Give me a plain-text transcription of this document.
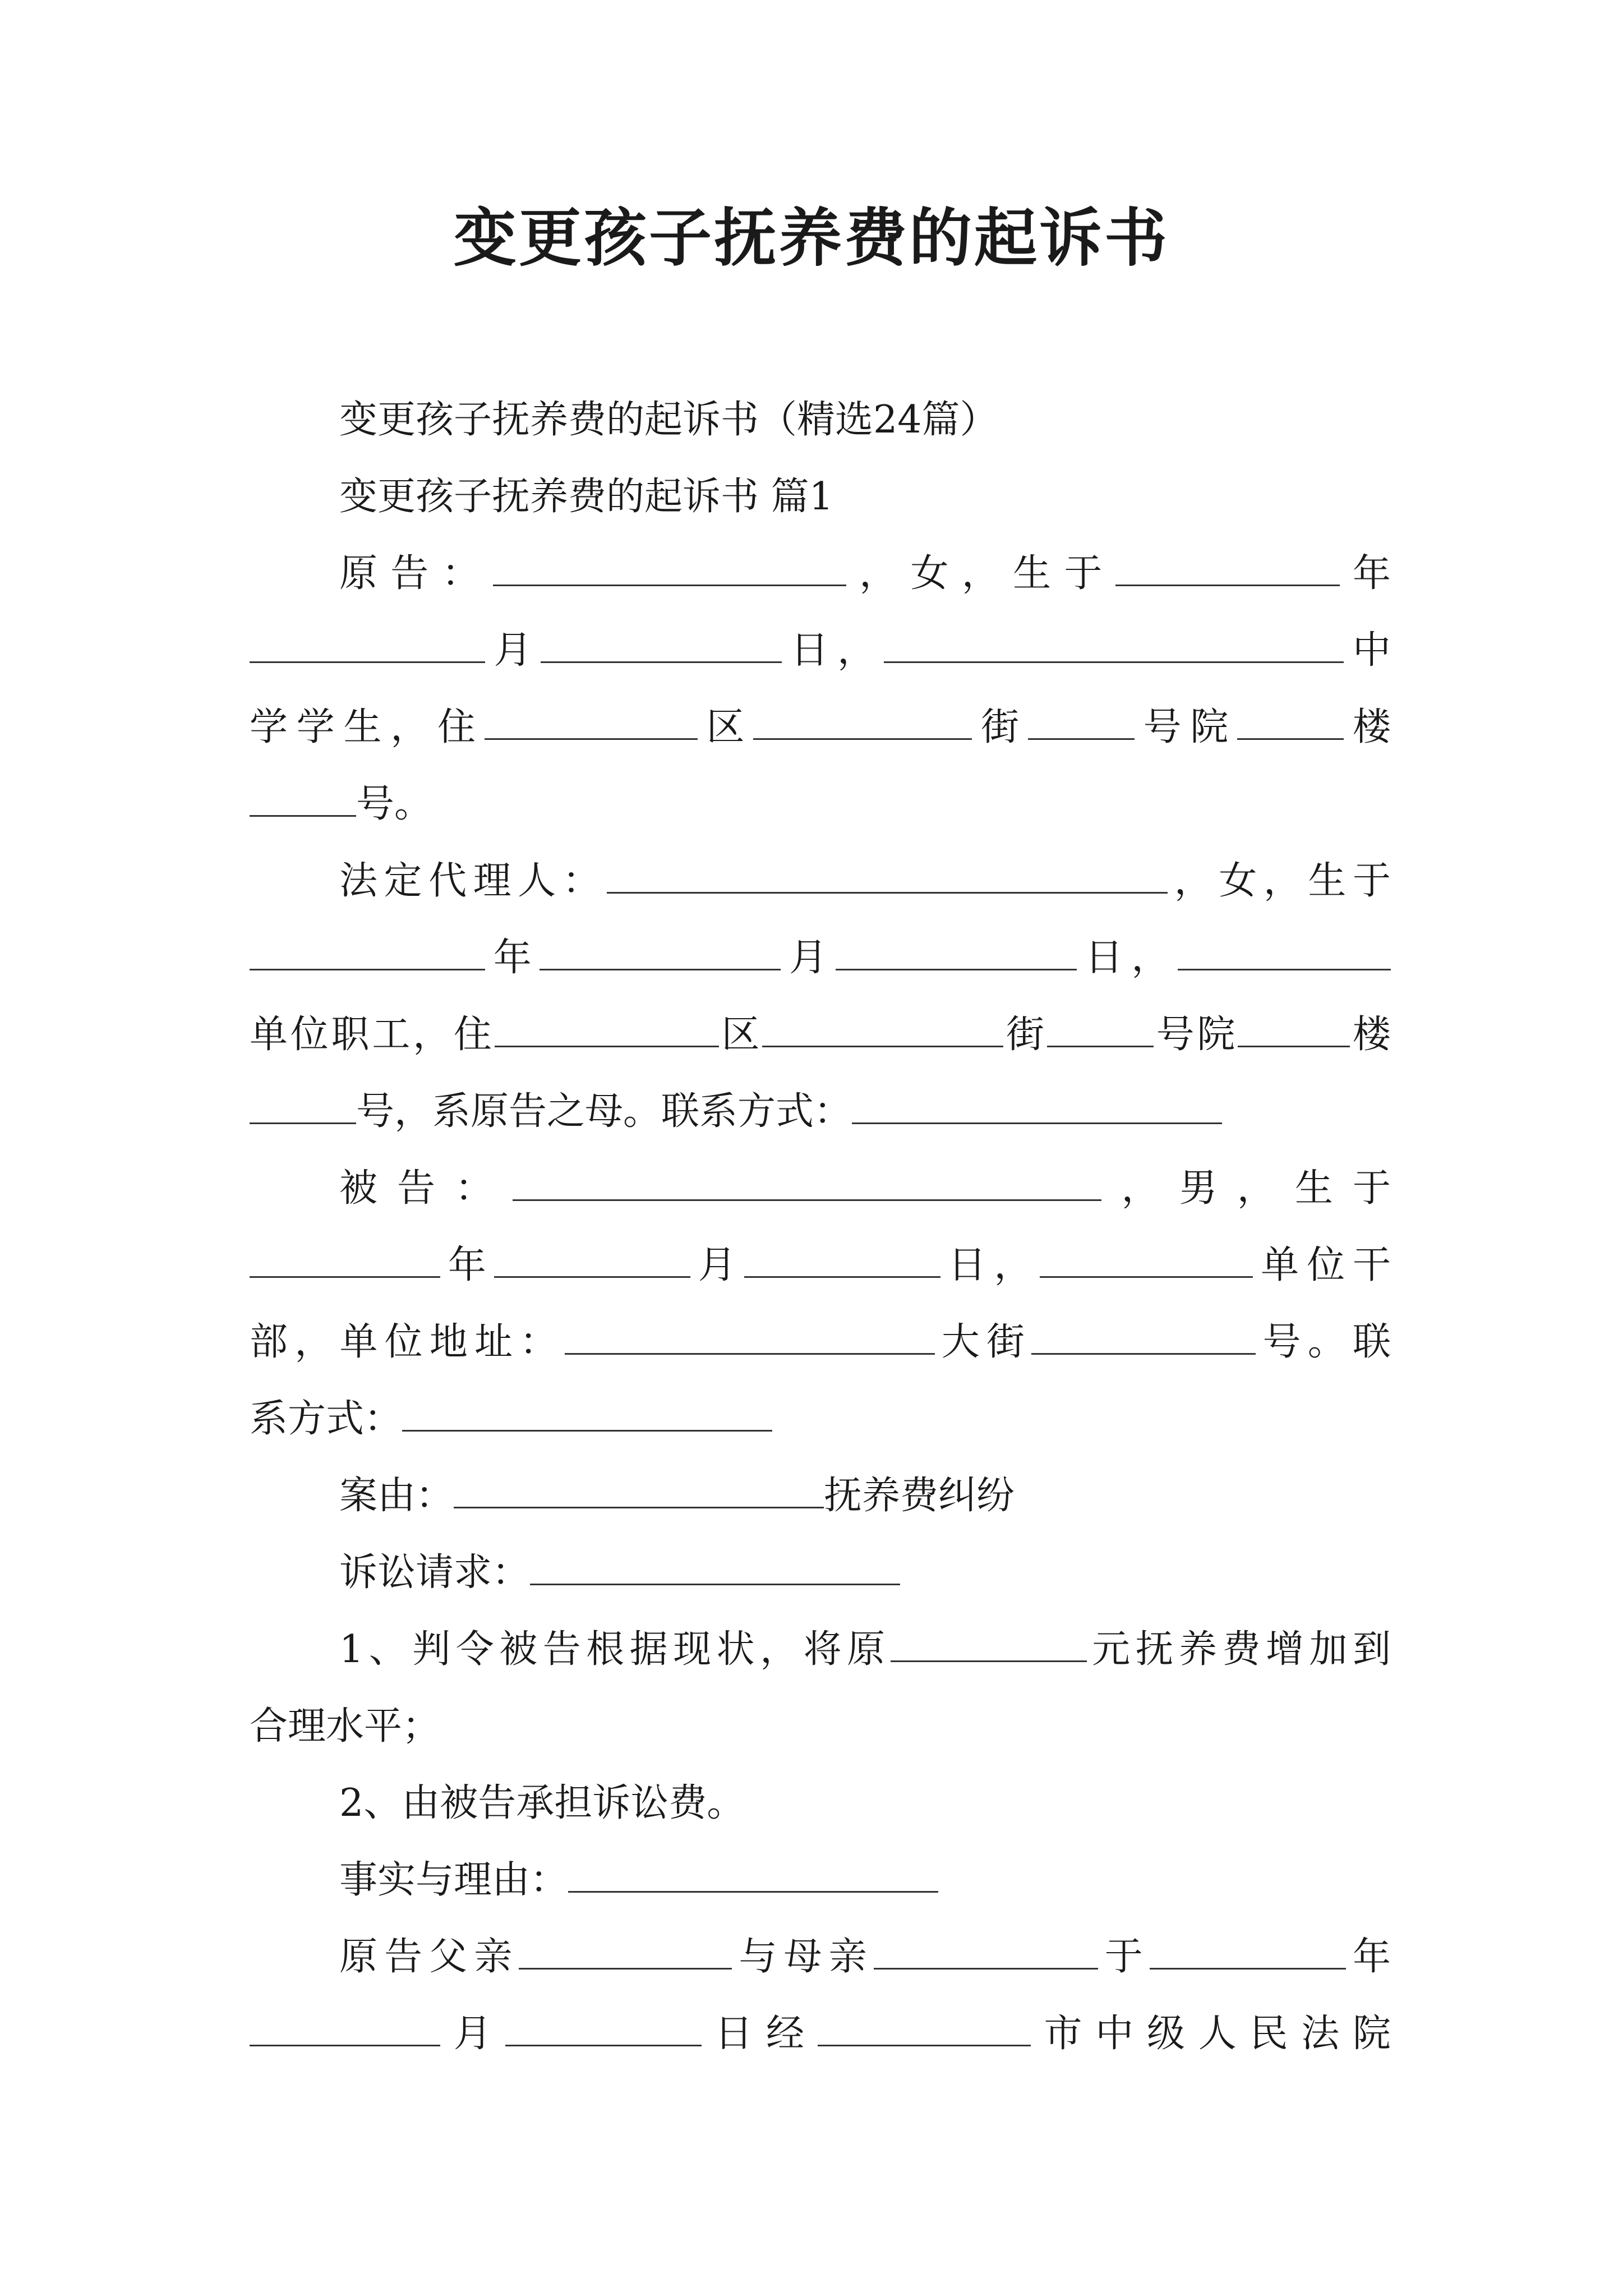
变更孩子抚养费的起诉书

变更孩子抚养费的起诉书（精选24篇）

变更孩子抚养费的起诉书 篇1

原告：	，女，生于	年

月	日，	中

学学生，住	区	街	号院	楼

号。

法定代理人：	，女，生于

年	月	日，

单位职工，住	区	街	号院	楼

号，系原告之母。联系方式：

被告：	，男，生于

年	月	日，	单位干

部，单位地址：	大街	号。联

系方式：

案由：	抚养费纠纷

诉讼请求：

1、判令被告根据现状，将原	元抚养费增加到

合理水平；

2、由被告承担诉讼费。

事实与理由：

原告父亲	与母亲	于	年

月	日经	市中级人民法院
